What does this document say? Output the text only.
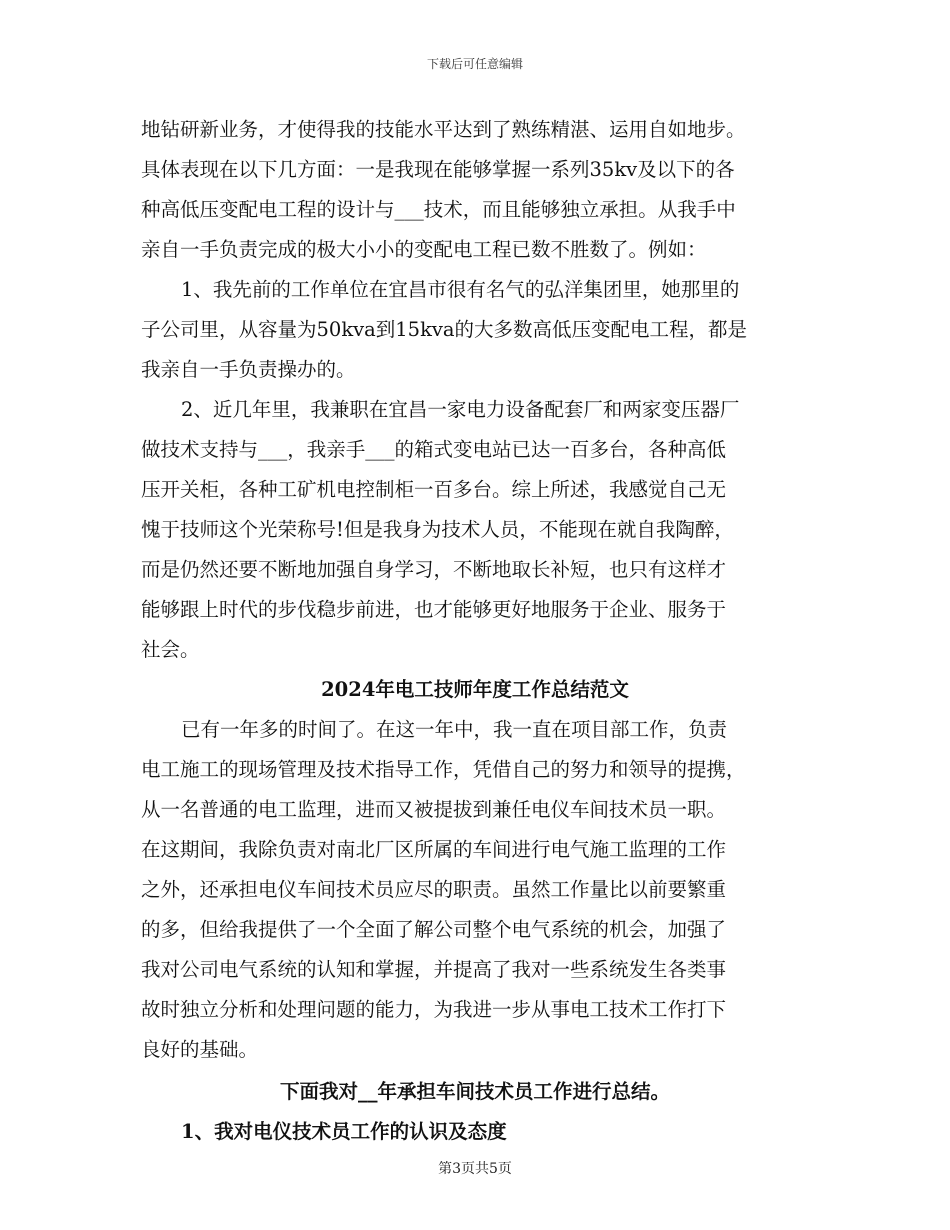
下载后可任意编辑
地钻研新业务，才使得我的技能水平达到了熟练精湛、运用自如地步。
具体表现在以下几方面：一是我现在能够掌握一系列35kv及以下的各
种高低压变配电工程的设计与___技术，而且能够独立承担。从我手中
亲自一手负责完成的极大小小的变配电工程已数不胜数了。例如：
1、我先前的工作单位在宜昌市很有名气的弘洋集团里，她那里的
子公司里，从容量为50kva到15kva的大多数高低压变配电工程，都是
我亲自一手负责操办的。
2、近几年里，我兼职在宜昌一家电力设备配套厂和两家变压器厂
做技术支持与___，我亲手___的箱式变电站已达一百多台，各种高低
压开关柜，各种工矿机电控制柜一百多台。综上所述，我感觉自己无
愧于技师这个光荣称号!但是我身为技术人员，不能现在就自我陶醉，
而是仍然还要不断地加强自身学习，不断地取长补短，也只有这样才
能够跟上时代的步伐稳步前进，也才能够更好地服务于企业、服务于
社会。
2024年电工技师年度工作总结范文
已有一年多的时间了。在这一年中，我一直在项目部工作，负责
电工施工的现场管理及技术指导工作，凭借自己的努力和领导的提携，
从一名普通的电工监理，进而又被提拔到兼任电仪车间技术员一职。
在这期间，我除负责对南北厂区所属的车间进行电气施工监理的工作
之外，还承担电仪车间技术员应尽的职责。虽然工作量比以前要繁重
的多，但给我提供了一个全面了解公司整个电气系统的机会，加强了
我对公司电气系统的认知和掌握，并提高了我对一些系统发生各类事
故时独立分析和处理问题的能力，为我进一步从事电工技术工作打下
良好的基础。
下面我对__年承担车间技术员工作进行总结。
1、我对电仪技术员工作的认识及态度
第3页共5页
